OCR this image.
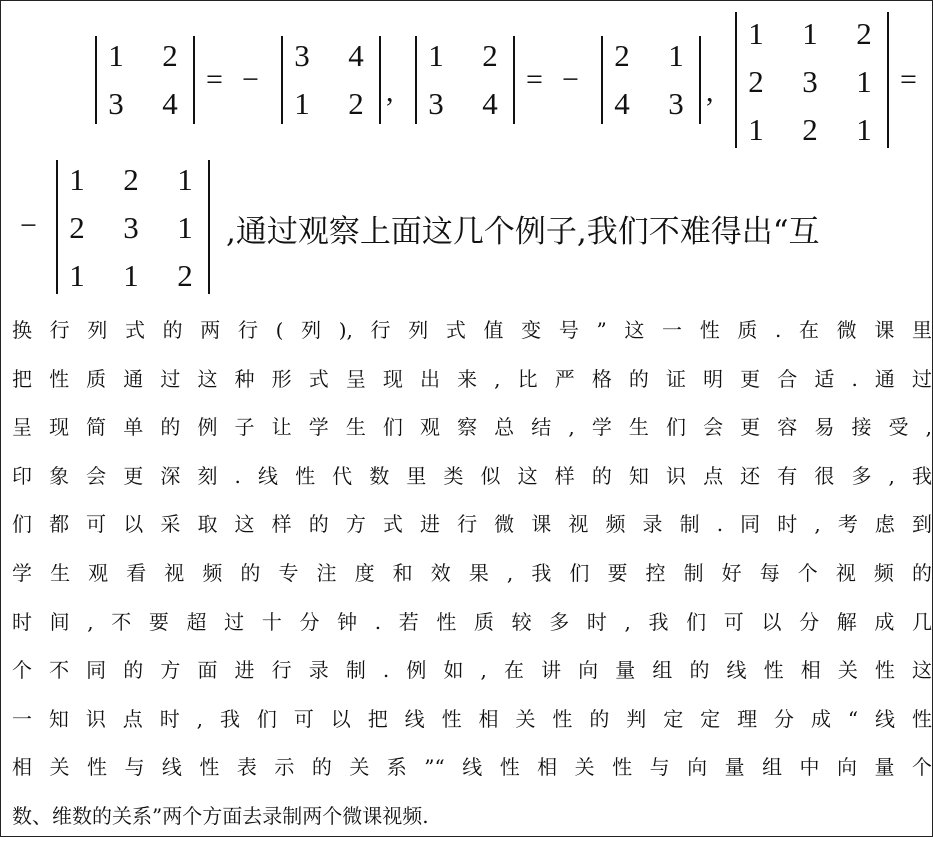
1 2
3 4
= −
3 4
1 2 ,
1 2
3 4
= −
2 1
4 3 ,
1 1 2
2 3 1
1 2 1
=
−
1 2 1
2 3 1
1 1 2
,通过观察上面这几个例子,我们不难得出“互
换行列式的两行(列),行列式值变号”这一性质.在微课里
把性质通过这种形式呈现出来,比严格的证明更合适.通过
呈现简单的例子让学生们观察总结,学生们会更容易接受,
印象会更深刻.线性代数里类似这样的知识点还有很多,我
们都可以采取这样的方式进行微课视频录制.同时,考虑到
学生观看视频的专注度和效果,我们要控制好每个视频的
时间,不要超过十分钟.若性质较多时,我们可以分解成几
个不同的方面进行录制.例如,在讲向量组的线性相关性这
一知识点时,我们可以把线性相关性的判定定理分成“线性
相关性与线性表示的关系”“线性相关性与向量组中向量个
数、维数的关系”两个方面去录制两个微课视频.
